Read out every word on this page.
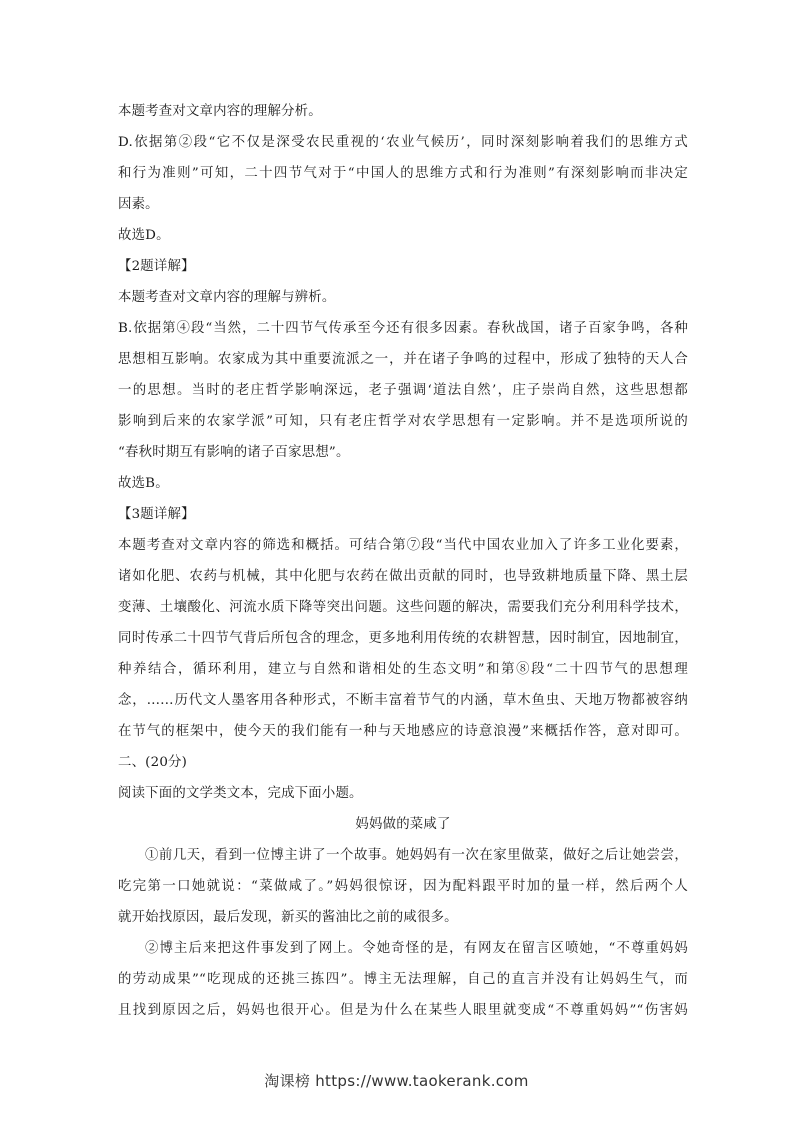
本题考查对文章内容的理解分析。
D.依据第②段“它不仅是深受农民重视的‘农业气候历’，同时深刻影响着我们的思维方式
和行为准则”可知，二十四节气对于“中国人的思维方式和行为准则”有深刻影响而非决定
因素。
故选D。
【2题详解】
本题考查对文章内容的理解与辨析。
B.依据第④段“当然，二十四节气传承至今还有很多因素。春秋战国，诸子百家争鸣，各种
思想相互影响。农家成为其中重要流派之一，并在诸子争鸣的过程中，形成了独特的天人合
一的思想。当时的老庄哲学影响深远，老子强调‘道法自然’，庄子崇尚自然，这些思想都
影响到后来的农家学派”可知，只有老庄哲学对农学思想有一定影响。并不是选项所说的
“春秋时期互有影响的诸子百家思想”。
故选B。
【3题详解】
本题考查对文章内容的筛选和概括。可结合第⑦段“当代中国农业加入了许多工业化要素，
诸如化肥、农药与机械，其中化肥与农药在做出贡献的同时，也导致耕地质量下降、黑土层
变薄、土壤酸化、河流水质下降等突出问题。这些问题的解决，需要我们充分利用科学技术，
同时传承二十四节气背后所包含的理念，更多地利用传统的农耕智慧，因时制宜，因地制宜，
种养结合，循环利用，建立与自然和谐相处的生态文明”和第⑧段“二十四节气的思想理
念，……历代文人墨客用各种形式，不断丰富着节气的内涵，草木鱼虫、天地万物都被容纳
在节气的框架中，使今天的我们能有一种与天地感应的诗意浪漫”来概括作答，意对即可。
二、(20分)
阅读下面的文学类文本，完成下面小题。
妈妈做的菜咸了
①前几天，看到一位博主讲了一个故事。她妈妈有一次在家里做菜，做好之后让她尝尝，
吃完第一口她就说：“菜做咸了。”妈妈很惊讶，因为配料跟平时加的量一样，然后两个人
就开始找原因，最后发现，新买的酱油比之前的咸很多。
②博主后来把这件事发到了网上。令她奇怪的是，有网友在留言区喷她，“不尊重妈妈
的劳动成果”“吃现成的还挑三拣四”。博主无法理解，自己的直言并没有让妈妈生气，而
且找到原因之后，妈妈也很开心。但是为什么在某些人眼里就变成“不尊重妈妈”“伤害妈
淘课榜 https://www.taokerank.com
